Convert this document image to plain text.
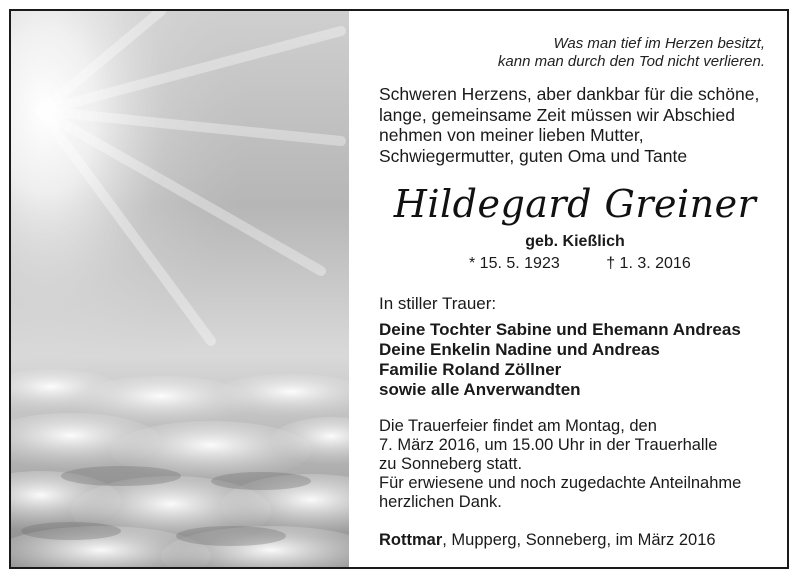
Was man tief im Herzen besitzt,
kann man durch den Tod nicht verlieren.
Schweren Herzens, aber dankbar für die schöne,
lange, gemeinsame Zeit müssen wir Abschied
nehmen von meiner lieben Mutter,
Schwiegermutter, guten Oma und Tante
Hildegard Greiner
geb. Kießlich
* 15. 5. 1923	† 1. 3. 2016
In stiller Trauer:
Deine Tochter Sabine und Ehemann Andreas
Deine Enkelin Nadine und Andreas
Familie Roland Zöllner
sowie alle Anverwandten
Die Trauerfeier findet am Montag, den
7. März 2016, um 15.00 Uhr in der Trauerhalle
zu Sonneberg statt.
Für erwiesene und noch zugedachte Anteilnahme
herzlichen Dank.
Rottmar, Mupperg, Sonneberg, im März 2016
